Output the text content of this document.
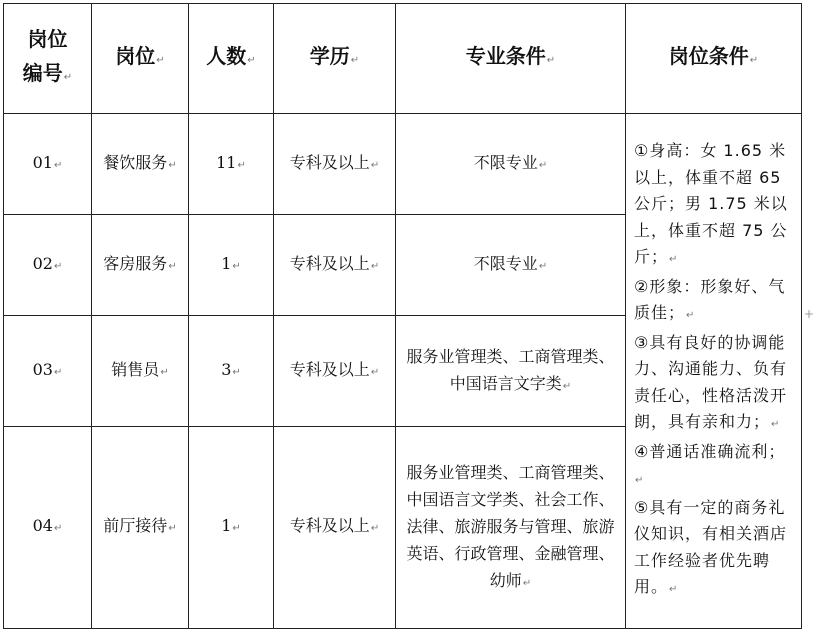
岗位
编号↵	岗位↵	人数↵	学历↵	专业条件↵	岗位条件↵
01↵	餐饮服务↵	11↵	专科及以上↵	不限专业↵	①身高：女 1.65 米以上，体重不超 65 公斤；男 1.75 米以上，体重不超 75 公斤；↵
②形象：形象好、气质佳；↵
③具有良好的协调能力、沟通能力、负有责任心，性格活泼开朗，具有亲和力；↵
④普通话准确流利；↵
⑤具有一定的商务礼仪知识，有相关酒店工作经验者优先聘用。↵

02↵	客房服务↵	1↵	专科及以上↵	不限专业↵	
03↵	销售员↵	3↵	专科及以上↵	服务业管理类、工商管理类、中国语言文字类↵	
04↵	前厅接待↵	1↵	专科及以上↵	服务业管理类、工商管理类、中国语言文学类、社会工作、法律、旅游服务与管理、旅游英语、行政管理、金融管理、幼师↵	
+
